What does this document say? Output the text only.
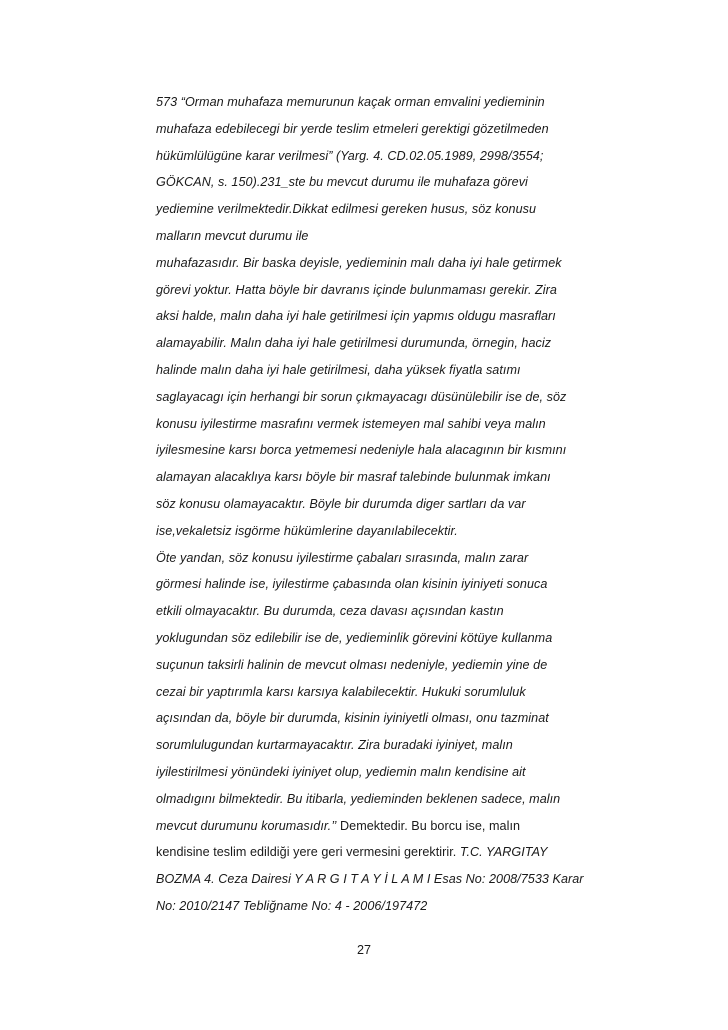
573 “Orman muhafaza memurunun kaçak orman emvalini yedieminin
muhafaza edebilecegi bir yerde teslim etmeleri gerektigi gözetilmeden
hükümlülügüne karar verilmesi” (Yarg. 4. CD.02.05.1989, 2998/3554;
GÖKCAN, s. 150).231_ste bu mevcut durumu ile muhafaza görevi
yediemine verilmektedir.Dikkat edilmesi gereken husus, söz konusu
malların mevcut durumu ile
muhafazasıdır. Bir baska deyisle, yedieminin malı daha iyi hale getirmek
görevi yoktur. Hatta böyle bir davranıs içinde bulunmaması gerekir. Zira
aksi halde, malın daha iyi hale getirilmesi için yapmıs oldugu masrafları
alamayabilir. Malın daha iyi hale getirilmesi durumunda, örnegin, haciz
halinde malın daha iyi hale getirilmesi, daha yüksek fiyatla satımı
saglayacagı için herhangi bir sorun çıkmayacagı düsünülebilir ise de, söz
konusu iyilestirme masrafını vermek istemeyen mal sahibi veya malın
iyilesmesine karsı borca yetmemesi nedeniyle hala alacagının bir kısmını
alamayan alacaklıya karsı böyle bir masraf talebinde bulunmak imkanı
söz konusu olamayacaktır. Böyle bir durumda diger sartları da var
ise,vekaletsiz isgörme hükümlerine dayanılabilecektir.
Öte yandan, söz konusu iyilestirme çabaları sırasında, malın zarar
görmesi halinde ise, iyilestirme çabasında olan kisinin iyiniyeti sonuca
etkili olmayacaktır. Bu durumda, ceza davası açısından kastın
yoklugundan söz edilebilir ise de, yedieminlik görevini kötüye kullanma
suçunun taksirli halinin de mevcut olması nedeniyle, yediemin yine de
cezai bir yaptırımla karsı karsıya kalabilecektir. Hukuki sorumluluk
açısından da, böyle bir durumda, kisinin iyiniyetli olması, onu tazminat
sorumlulugundan kurtarmayacaktır. Zira buradaki iyiniyet, malın
iyilestirilmesi yönündeki iyiniyet olup, yediemin malın kendisine ait
olmadıgını bilmektedir. Bu itibarla, yedieminden beklenen sadece, malın
mevcut durumunu korumasıdır.’’ Demektedir. Bu borcu ise, malın
kendisine teslim edildiği yere geri vermesini gerektirir. T.C. YARGITAY
BOZMA 4. Ceza Dairesi Y A R G I T A Y İ L A M I Esas No: 2008/7533 Karar
No: 2010/2147 Tebliğname No: 4 - 2006/197472
27
